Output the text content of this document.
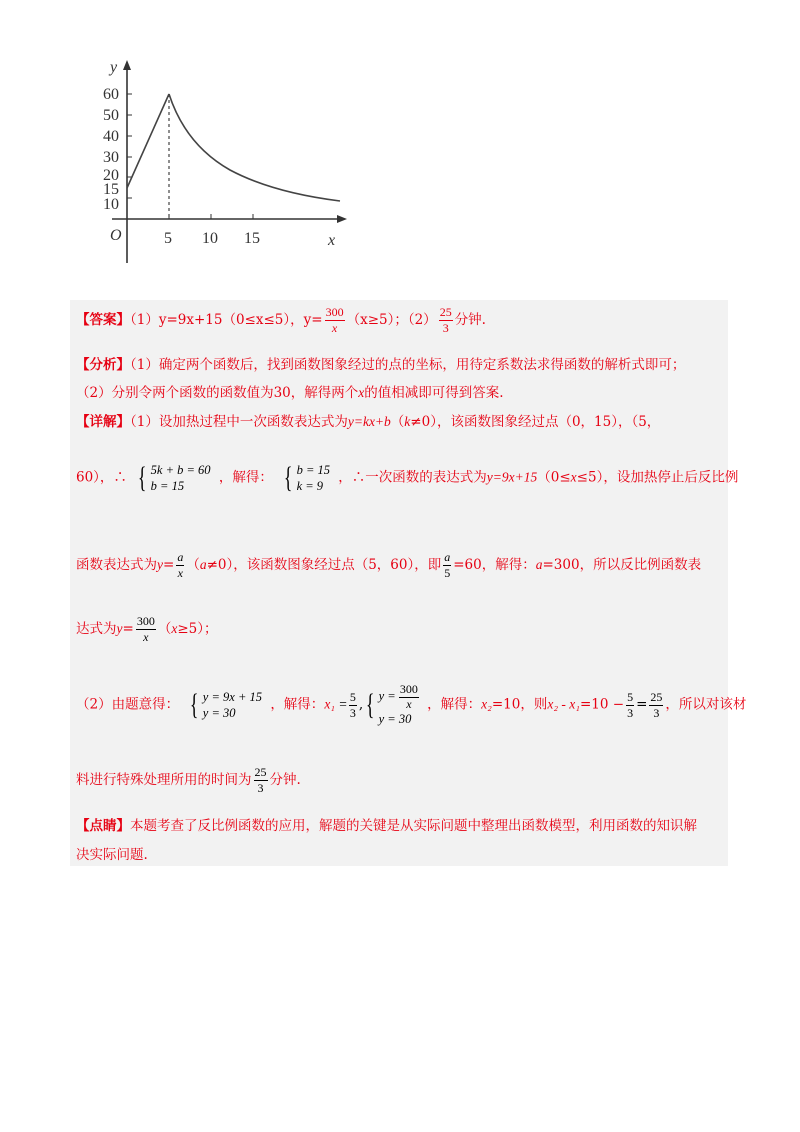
y
x
O
60
50
40
30
20
15
10
5 10 15
【答案】（1）y=9x+15（0≤x≤5），$y= \frac{300}{x} (x\ge 5)$；$(2) \frac{25}{3}$ 分钟.
【分析】（1）确定两个函数后，找到函数图象经过的点的坐标，用待定系数法求得函数的解析式即可；
（2）分别令两个函数的函数值为30，解得两个x的值相减即可得到答案.
【详解】（1）设加热过程中一次函数表达式为y=kx+b（k≠0），该函数图象经过点（0，15），（5，
60），∴ { 5k + b = 60
b = 15
，解得： { b = 15
k = 9
，∴一次函数的表达式为y=9x+15（0≤x≤5），设加热停止后反比例
函数表达式为$y= \frac{a}{x} (a\ne 0)$，该函数图象经过点（5，60），即 $\frac{a}{5} =60$，解得：a=300，所以反比例函数表
达式为$y= \frac{300}{x} (x\ge 5)$；
（2）由题意得： { y = 9x + 15
y = 30
，解得：$x_1 = \frac{5}{3}$ , { $y = \frac{300}{x}$
y = 30
，解得：x₂=10，则$x_2 - x_1=10 - \frac{5}{3} = \frac{25}{3}$ ，所以对该材
料进行特殊处理所用的时间为 $\frac{25}{3}$ 分钟.
【点睛】本题考查了反比例函数的应用，解题的关键是从实际问题中整理出函数模型，利用函数的知识解
决实际问题.
